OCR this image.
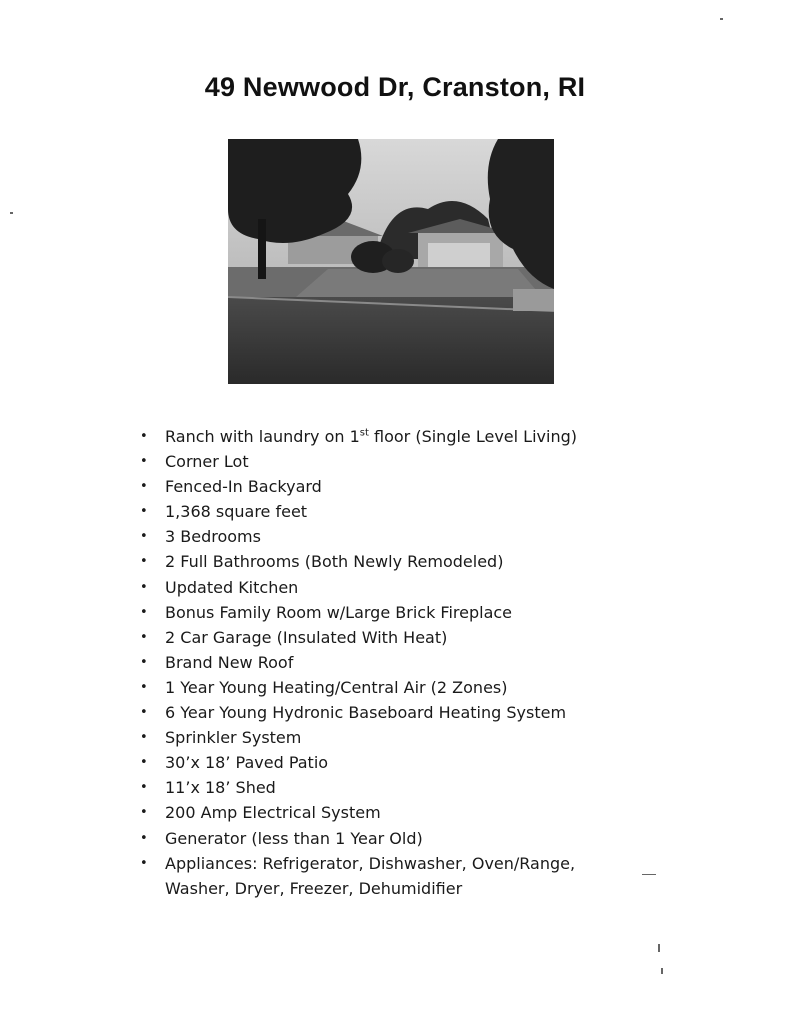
49 Newwood Dr, Cranston, RI
• Ranch with laundry on 1st floor (Single Level Living)
• Corner Lot
• Fenced-In Backyard
• 1,368 square feet
• 3 Bedrooms
• 2 Full Bathrooms (Both Newly Remodeled)
• Updated Kitchen
• Bonus Family Room w/Large Brick Fireplace
• 2 Car Garage (Insulated With Heat)
• Brand New Roof
• 1 Year Young Heating/Central Air (2 Zones)
• 6 Year Young Hydronic Baseboard Heating System
• Sprinkler System
• 30’x 18’ Paved Patio
• 11’x 18’ Shed
• 200 Amp Electrical System
• Generator (less than 1 Year Old)
• Appliances: Refrigerator, Dishwasher, Oven/Range,
Washer, Dryer, Freezer, Dehumidifier
